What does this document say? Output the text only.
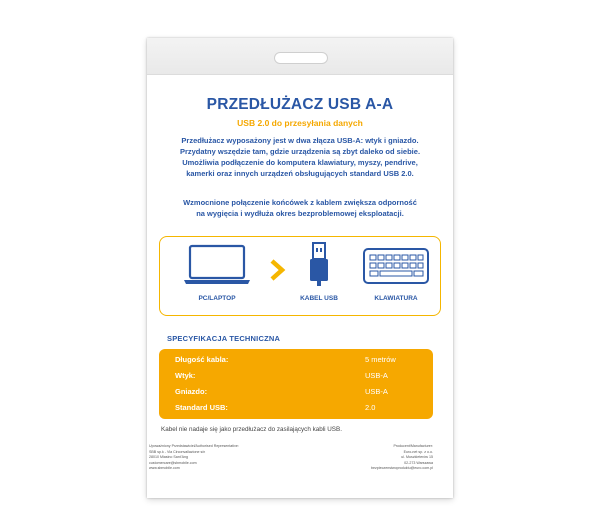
PRZEDŁUŻACZ USB A-A
USB 2.0 do przesyłania danych

Przedłużacz wyposażony jest w dwa złącza USB-A: wtyk i gniazdo.

Przydatny wszędzie tam, gdzie urządzenia są zbyt daleko od siebie.

Umożliwia podłączenie do komputera klawiatury, myszy, pendrive,

kamerki oraz innych urządzeń obsługujących standard USB 2.0.

Wzmocnione połączenie końcówek z kablem zwiększa odporność

na wygięcia i wydłuża okres bezproblemowej eksploatacji.

PC/LAPTOP	KABEL USB	KLAWIATURA
SPECYFIKACJA TECHNICZNA
Długość kabla:	5 metrów
Wtyk:	USB-A
Gniazdo:	USB-A
Standard USB:	2.0
Kabel nie nadaje się jako przedłużacz do zasilających kabli USB.

Upoważniony Przedstawiciel/Authorised Representative:

SBB sp.k - Via Circonvallazione s/n

28010 Miasino Sant’Ang

customercare@sbmobile.com

www.sbmobile.com

Producent/Manufacturer:

Euro-net sp. z o.o.

ul. Muszkieterów 15

02-273 Warszawa

bezpieczenstwoproduktu@euro.com.pl
